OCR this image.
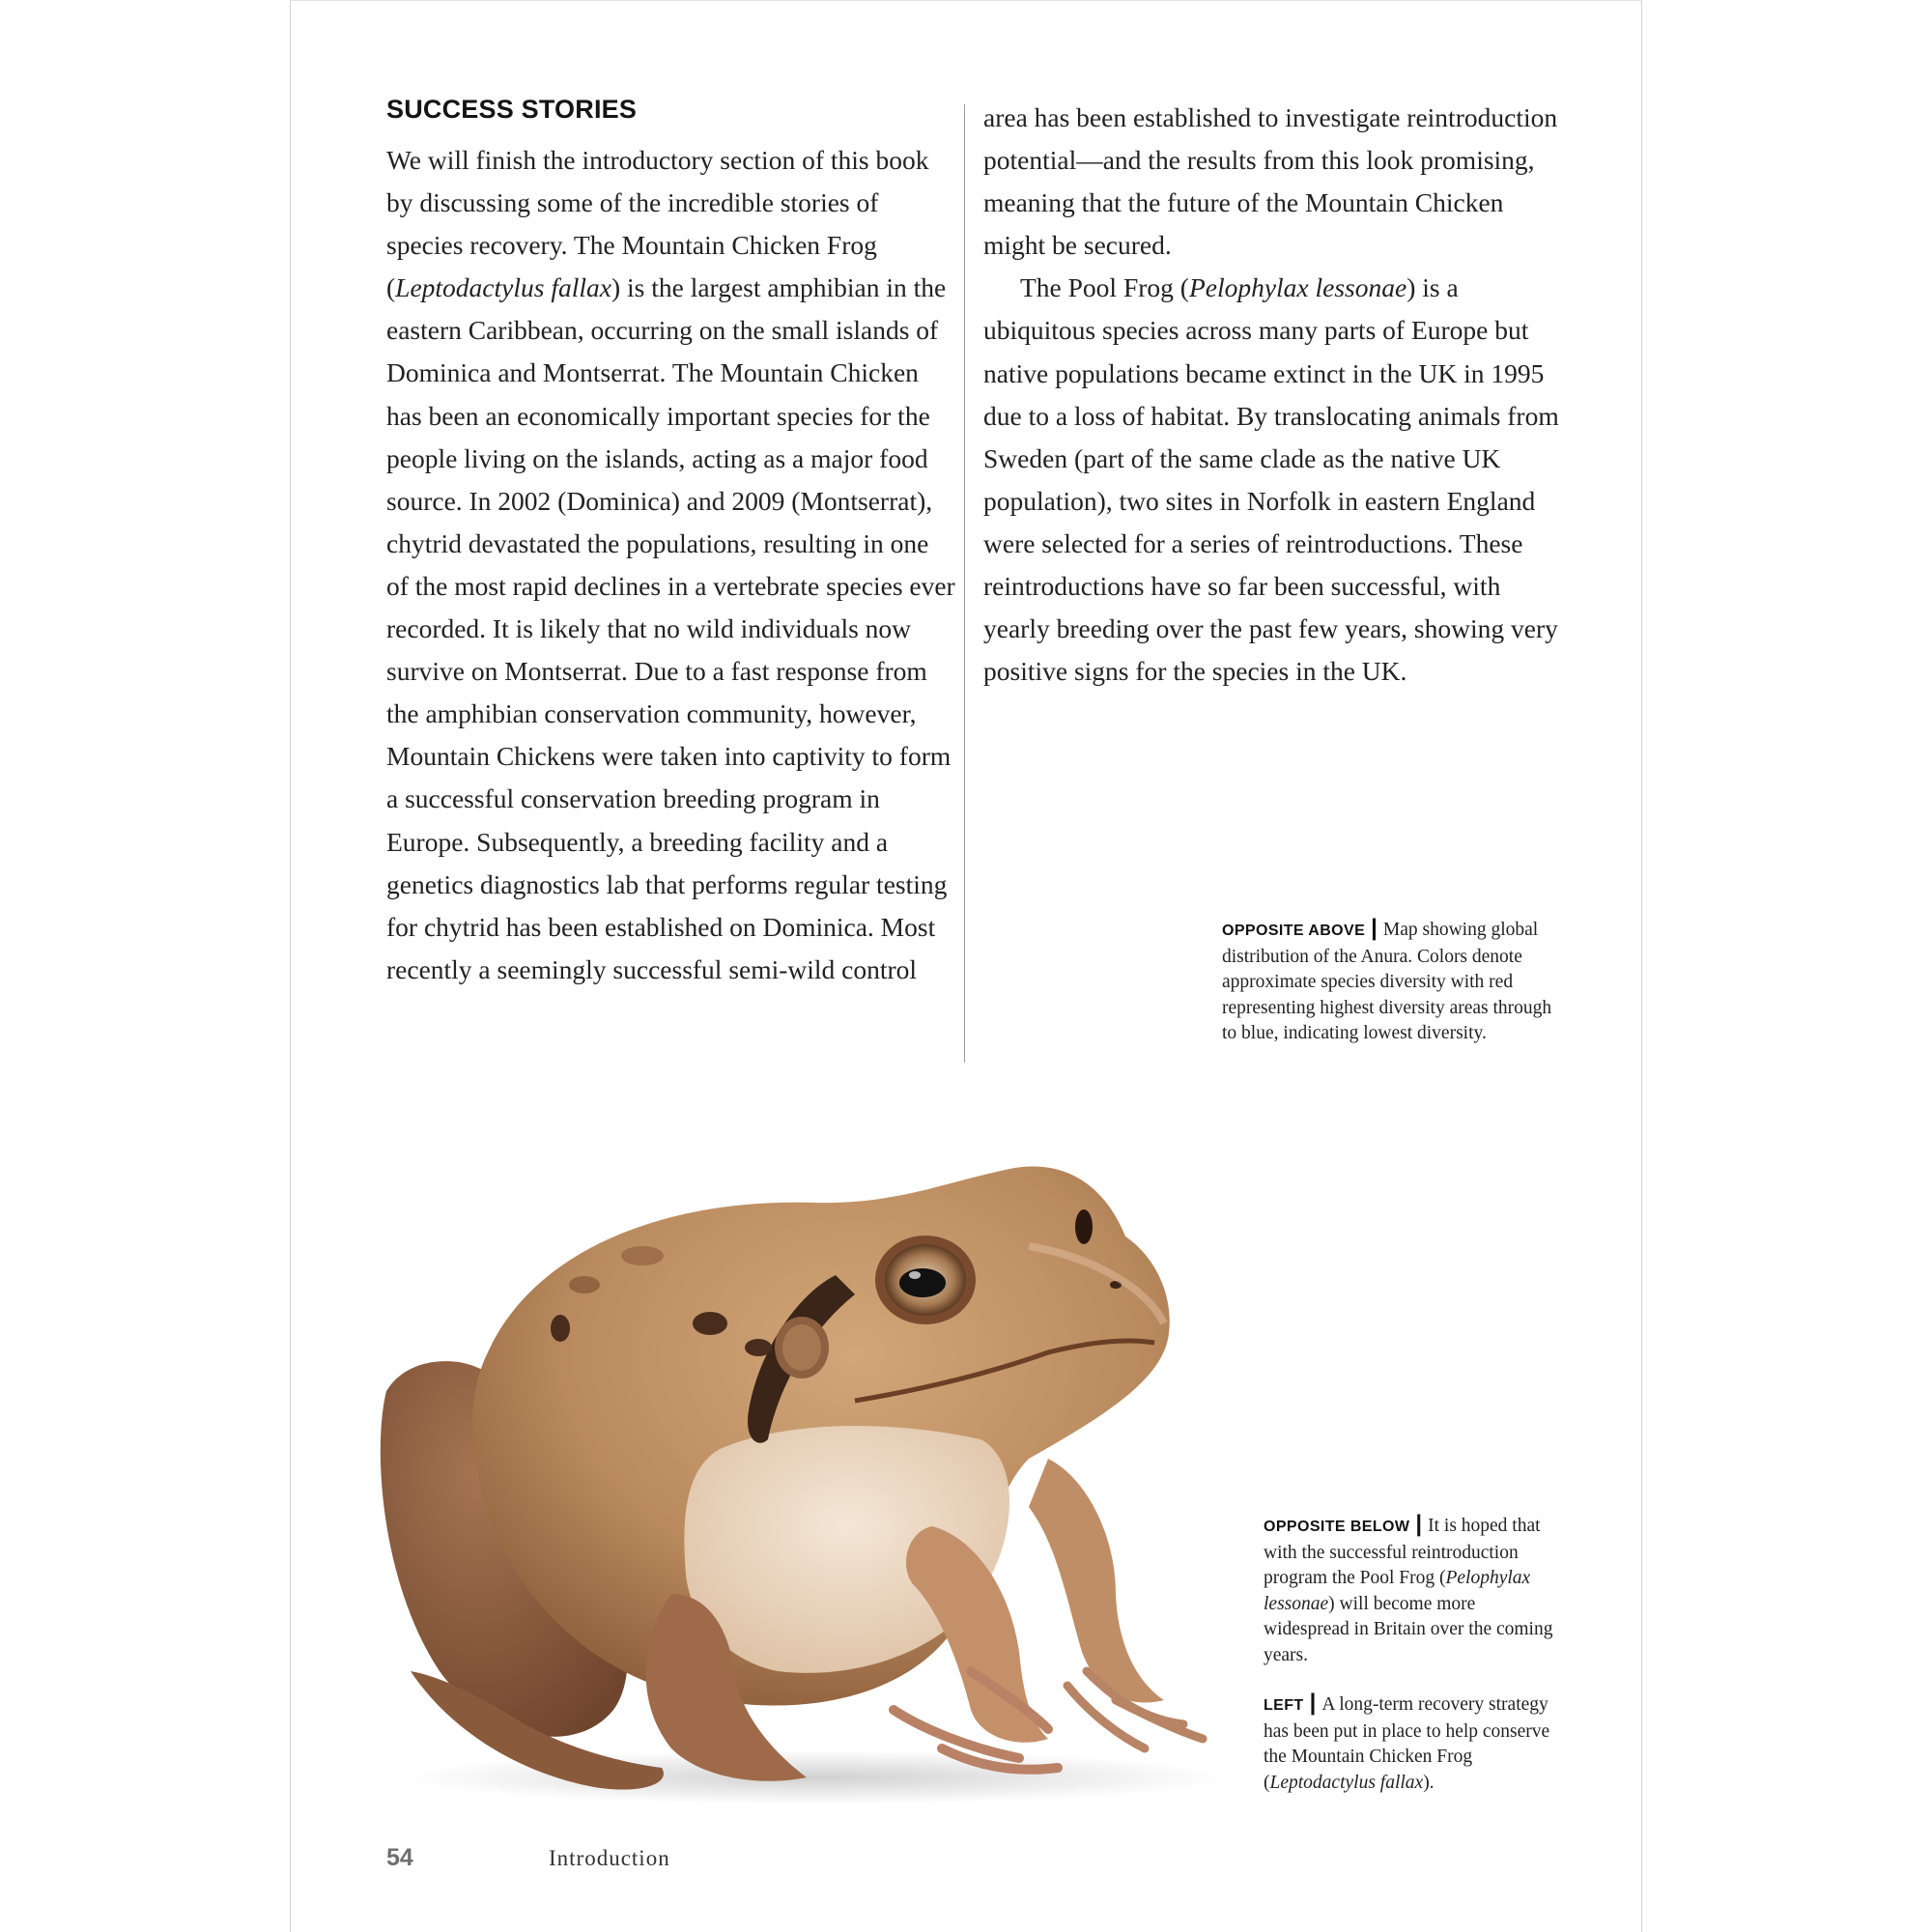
SUCCESS STORIES

We will finish the introductory section of this book by discussing some of the incredible stories of species recovery. The Mountain Chicken Frog (Leptodactylus fallax) is the largest amphibian in the eastern Caribbean, occurring on the small islands of Dominica and Montserrat. The Mountain Chicken has been an economically important species for the people living on the islands, acting as a major food source. In 2002 (Dominica) and 2009 (Montserrat), chytrid devastated the populations, resulting in one of the most rapid declines in a vertebrate species ever recorded. It is likely that no wild individuals now survive on Montserrat. Due to a fast response from the amphibian conservation community, however, Mountain Chickens were taken into captivity to form a successful conservation breeding program in Europe. Subsequently, a breeding facility and a genetics diagnostics lab that performs regular testing for chytrid has been established on Dominica. Most recently a seemingly successful semi-wild control

area has been established to investigate reintroduction potential—and the results from this look promising, meaning that the future of the Mountain Chicken might be secured.

The Pool Frog (Pelophylax lessonae) is a ubiquitous species across many parts of Europe but native populations became extinct in the UK in 1995 due to a loss of habitat. By translocating animals from Sweden (part of the same clade as the native UK population), two sites in Norfolk in eastern England were selected for a series of reintroductions. These reintroductions have so far been successful, with yearly breeding over the past few years, showing very positive signs for the species in the UK.

OPPOSITE ABOVE | Map showing global distribution of the Anura. Colors denote approximate species diversity with red representing highest diversity areas through to blue, indicating lowest diversity.
OPPOSITE BELOW | It is hoped that with the successful reintroduction program the Pool Frog (Pelophylax lessonae) will become more widespread in Britain over the coming years.
LEFT | A long-term recovery strategy has been put in place to help conserve the Mountain Chicken Frog (Leptodactylus fallax).

54	Introduction
